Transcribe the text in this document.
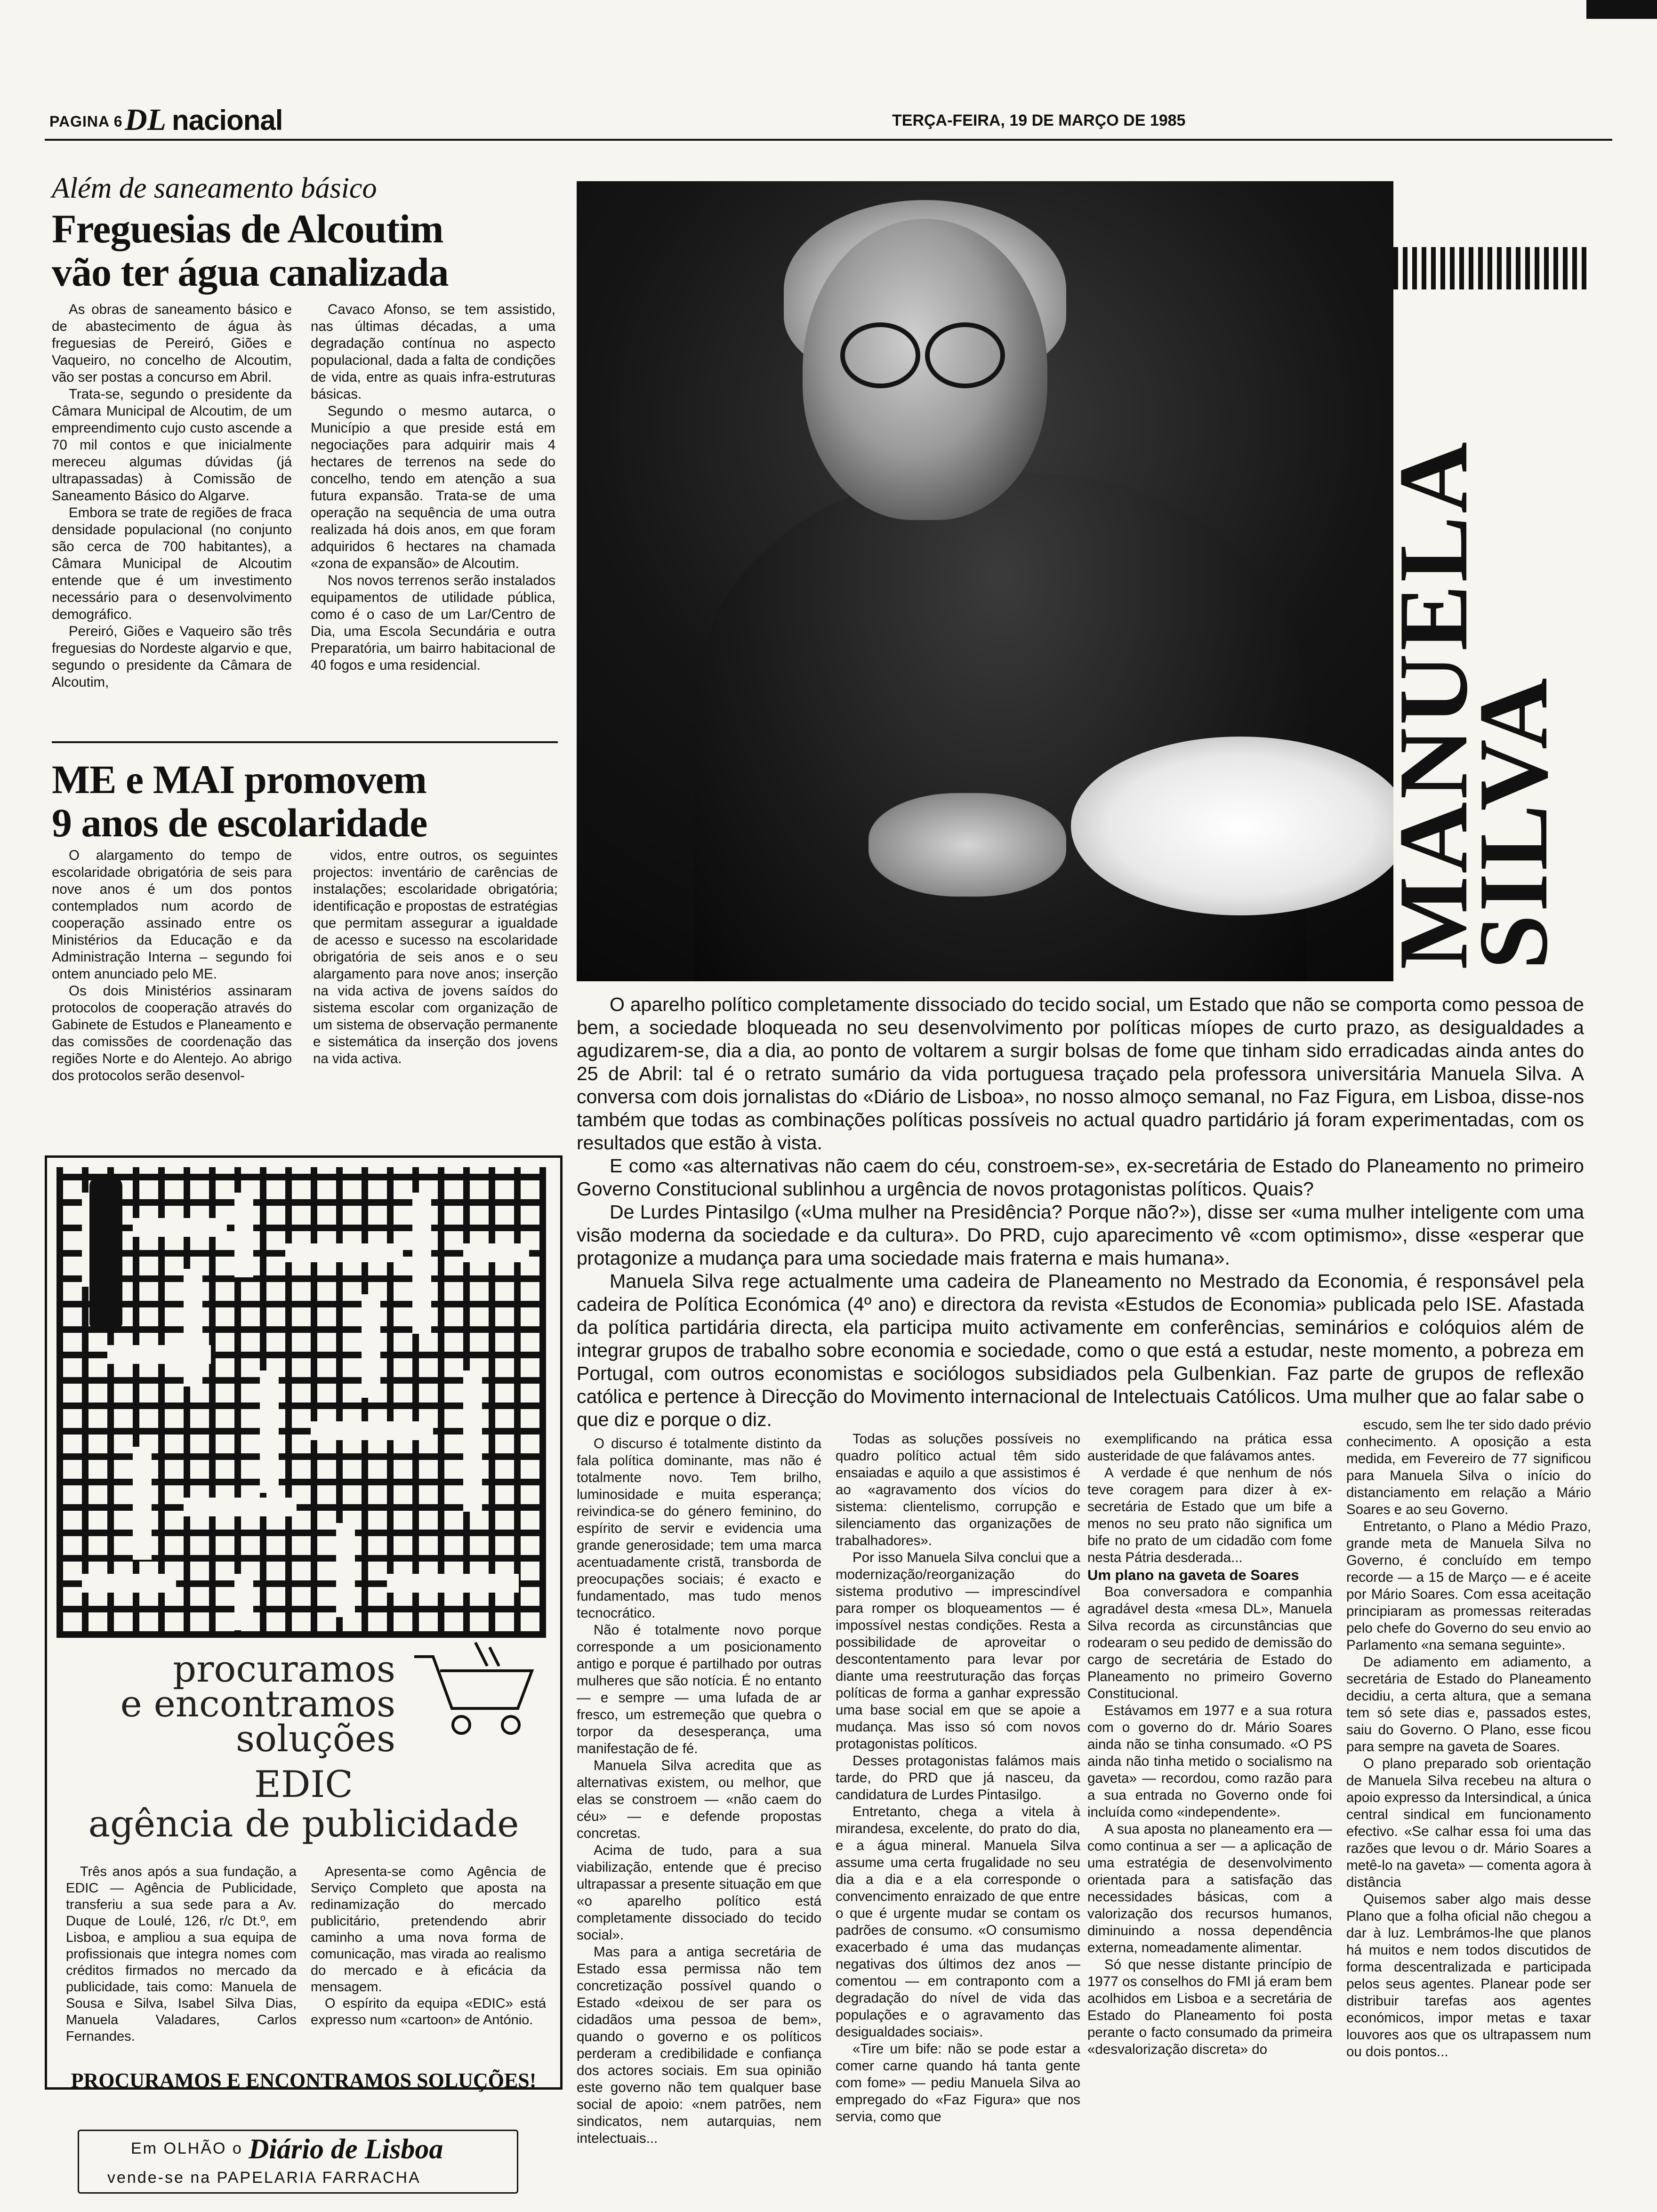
PAGINA 6 DL nacional	TERÇA-FEIRA, 19 DE MARÇO DE 1985
Além de saneamento básico
Freguesias de Alcoutim
vão ter água canalizada

As obras de saneamento básico e de abastecimento de água às freguesias de Pereiró, Giões e Vaqueiro, no concelho de Alcoutim, vão ser postas a concurso em Abril.

Trata-se, segundo o presidente da Câmara Municipal de Alcoutim, de um empreendimento cujo custo ascende a 70 mil contos e que inicialmente mereceu algumas dúvidas (já ultrapassadas) à Comissão de Saneamento Básico do Algarve.

Embora se trate de regiões de fraca densidade populacional (no conjunto são cerca de 700 habitantes), a Câmara Municipal de Alcoutim entende que é um investimento necessário para o desenvolvimento demográfico.

Pereiró, Giões e Vaqueiro são três freguesias do Nordeste algarvio e que, segundo o presidente da Câmara de Alcoutim,

Cavaco Afonso, se tem assistido, nas últimas décadas, a uma degradação contínua no aspecto populacional, dada a falta de condições de vida, entre as quais infra-estruturas básicas.

Segundo o mesmo autarca, o Município a que preside está em negociações para adquirir mais 4 hectares de terrenos na sede do concelho, tendo em atenção a sua futura expansão. Trata-se de uma operação na sequência de uma outra realizada há dois anos, em que foram adquiridos 6 hectares na chamada «zona de expansão» de Alcoutim.

Nos novos terrenos serão instalados equipamentos de utilidade pública, como é o caso de um Lar/Centro de Dia, uma Escola Secundária e outra Preparatória, um bairro habitacional de 40 fogos e uma residencial.

ME e MAI promovem
9 anos de escolaridade

O alargamento do tempo de escolaridade obrigatória de seis para nove anos é um dos pontos contemplados num acordo de cooperação assinado entre os Ministérios da Educação e da Administração Interna – segundo foi ontem anunciado pelo ME.

Os dois Ministérios assinaram protocolos de cooperação através do Gabinete de Estudos e Planeamento e das comissões de coordenação das regiões Norte e do Alentejo. Ao abrigo dos protocolos serão desenvol-

vidos, entre outros, os seguintes projectos: inventário de carências de instalações; escolaridade obrigatória; identificação e propostas de estratégias que permitam assegurar a igualdade de acesso e sucesso na escolaridade obrigatória de seis anos e o seu alargamento para nove anos; inserção na vida activa de jovens saídos do sistema escolar com organização de um sistema de observação permanente e sistemática da inserção dos jovens na vida activa.

MANUELA
SILVA

O aparelho político completamente dissociado do tecido social, um Estado que não se comporta como pessoa de bem, a sociedade bloqueada no seu desenvolvimento por políticas míopes de curto prazo, as desigualdades a agudizarem-se, dia a dia, ao ponto de voltarem a surgir bolsas de fome que tinham sido erradicadas ainda antes do 25 de Abril: tal é o retrato sumário da vida portuguesa traçado pela professora universitária Manuela Silva. A conversa com dois jornalistas do «Diário de Lisboa», no nosso almoço semanal, no Faz Figura, em Lisboa, disse-nos também que todas as combinações políticas possíveis no actual quadro partidário já foram experimentadas, com os resultados que estão à vista.

E como «as alternativas não caem do céu, constroem-se», ex-secretária de Estado do Planeamento no primeiro Governo Constitucional sublinhou a urgência de novos protagonistas políticos. Quais?

De Lurdes Pintasilgo («Uma mulher na Presidência? Porque não?»), disse ser «uma mulher inteligente com uma visão moderna da sociedade e da cultura». Do PRD, cujo aparecimento vê «com optimismo», disse «esperar que protagonize a mudança para uma sociedade mais fraterna e mais humana».

Manuela Silva rege actualmente uma cadeira de Planeamento no Mestrado da Economia, é responsável pela cadeira de Política Económica (4º ano) e directora da revista «Estudos de Economia» publicada pelo ISE. Afastada da política partidária directa, ela participa muito activamente em conferências, seminários e colóquios além de integrar grupos de trabalho sobre economia e sociedade, como o que está a estudar, neste momento, a pobreza em Portugal, com outros economistas e sociólogos subsidiados pela Gulbenkian. Faz parte de grupos de reflexão católica e pertence à Direcção do Movimento internacional de Intelectuais Católicos. Uma mulher que ao falar sabe o que diz e porque o diz.

O discurso é totalmente distinto da fala política dominante, mas não é totalmente novo. Tem brilho, luminosidade e muita esperança; reivindica-se do género feminino, do espírito de servir e evidencia uma grande generosidade; tem uma marca acentuadamente cristã, transborda de preocupações sociais; é exacto e fundamentado, mas tudo menos tecnocrático.

Não é totalmente novo porque corresponde a um posicionamento antigo e porque é partilhado por outras mulheres que são notícia. É no entanto — e sempre — uma lufada de ar fresco, um estremeção que quebra o torpor da desesperança, uma manifestação de fé.

Manuela Silva acredita que as alternativas existem, ou melhor, que elas se constroem — «não caem do céu» — e defende propostas concretas.

Acima de tudo, para a sua viabilização, entende que é preciso ultrapassar a presente situação em que «o aparelho político está completamente dissociado do tecido social».

Mas para a antiga secretária de Estado essa permissa não tem concretização possível quando o Estado «deixou de ser para os cidadãos uma pessoa de bem», quando o governo e os políticos perderam a credibilidade e confiança dos actores sociais. Em sua opinião este governo não tem qualquer base social de apoio: «nem patrões, nem sindicatos, nem autarquias, nem intelectuais...

Todas as soluções possíveis no quadro político actual têm sido ensaiadas e aquilo a que assistimos é ao «agravamento dos vícios do sistema: clientelismo, corrupção e silenciamento das organizações de trabalhadores».

Por isso Manuela Silva conclui que a modernização/reorganização do sistema produtivo — imprescindível para romper os bloqueamentos — é impossível nestas condições. Resta a possibilidade de aproveitar o descontentamento para levar por diante uma reestruturação das forças políticas de forma a ganhar expressão uma base social em que se apoie a mudança. Mas isso só com novos protagonistas políticos.

Desses protagonistas falámos mais tarde, do PRD que já nasceu, da candidatura de Lurdes Pintasilgo.

Entretanto, chega a vitela à mirandesa, excelente, do prato do dia, e a água mineral. Manuela Silva assume uma certa frugalidade no seu dia a dia e a ela corresponde o convencimento enraizado de que entre o que é urgente mudar se contam os padrões de consumo. «O consumismo exacerbado é uma das mudanças negativas dos últimos dez anos — comentou — em contraponto com a degradação do nível de vida das populações e o agravamento das desigualdades sociais».

«Tire um bife: não se pode estar a comer carne quando há tanta gente com fome» — pediu Manuela Silva ao empregado do «Faz Figura» que nos servia, como que

exemplificando na prática essa austeridade de que falávamos antes.

A verdade é que nenhum de nós teve coragem para dizer à ex-secretária de Estado que um bife a menos no seu prato não significa um bife no prato de um cidadão com fome nesta Pátria desderada...

Um plano na gaveta de Soares

Boa conversadora e companhia agradável desta «mesa DL», Manuela Silva recorda as circunstâncias que rodearam o seu pedido de demissão do cargo de secretária de Estado do Planeamento no primeiro Governo Constitucional.

Estávamos em 1977 e a sua rotura com o governo do dr. Mário Soares ainda não se tinha consumado. «O PS ainda não tinha metido o socialismo na gaveta» — recordou, como razão para a sua entrada no Governo onde foi incluída como «independente».

A sua aposta no planeamento era — como continua a ser — a aplicação de uma estratégia de desenvolvimento orientada para a satisfação das necessidades básicas, com a valorização dos recursos humanos, diminuindo a nossa dependência externa, nomeadamente alimentar.

Só que nesse distante princípio de 1977 os conselhos do FMI já eram bem acolhidos em Lisboa e a secretária de Estado do Planeamento foi posta perante o facto consumado da primeira «desvalorização discreta» do

escudo, sem lhe ter sido dado prévio conhecimento. A oposição a esta medida, em Fevereiro de 77 significou para Manuela Silva o início do distanciamento em relação a Mário Soares e ao seu Governo.

Entretanto, o Plano a Médio Prazo, grande meta de Manuela Silva no Governo, é concluído em tempo recorde — a 15 de Março — e é aceite por Mário Soares. Com essa aceitação principiaram as promessas reiteradas pelo chefe do Governo do seu envio ao Parlamento «na semana seguinte».

De adiamento em adiamento, a secretária de Estado do Planeamento decidiu, a certa altura, que a semana tem só sete dias e, passados estes, saiu do Governo. O Plano, esse ficou para sempre na gaveta de Soares.

O plano preparado sob orientação de Manuela Silva recebeu na altura o apoio expresso da Intersindical, a única central sindical em funcionamento efectivo. «Se calhar essa foi uma das razões que levou o dr. Mário Soares a metê-lo na gaveta» — comenta agora à distância

Quisemos saber algo mais desse Plano que a folha oficial não chegou a dar à luz. Lembrámos-lhe que planos há muitos e nem todos discutidos de forma descentralizada e participada pelos seus agentes. Planear pode ser distribuir tarefas aos agentes económicos, impor metas e taxar louvores aos que os ultrapassem num ou dois pontos...

procuramos
e encontramos
soluções
EDIC
agência de publicidade

Três anos após a sua fundação, a EDIC — Agência de Publicidade, transferiu a sua sede para a Av. Duque de Loulé, 126, r/c Dt.º, em Lisboa, e ampliou a sua equipa de profissionais que integra nomes com créditos firmados no mercado da publicidade, tais como: Manuela de Sousa e Silva, Isabel Silva Dias, Manuela Valadares, Carlos Fernandes.

Apresenta-se como Agência de Serviço Completo que aposta na redinamização do mercado publicitário, pretendendo abrir caminho a uma nova forma de comunicação, mas virada ao realismo do mercado e à eficácia da mensagem.

O espírito da equipa «EDIC» está expresso num «cartoon» de António.

PROCURAMOS E ENCONTRAMOS SOLUÇÕES!
Em OLHÃO o Diário de Lisboa
vende-se na PAPELARIA FARRACHA
